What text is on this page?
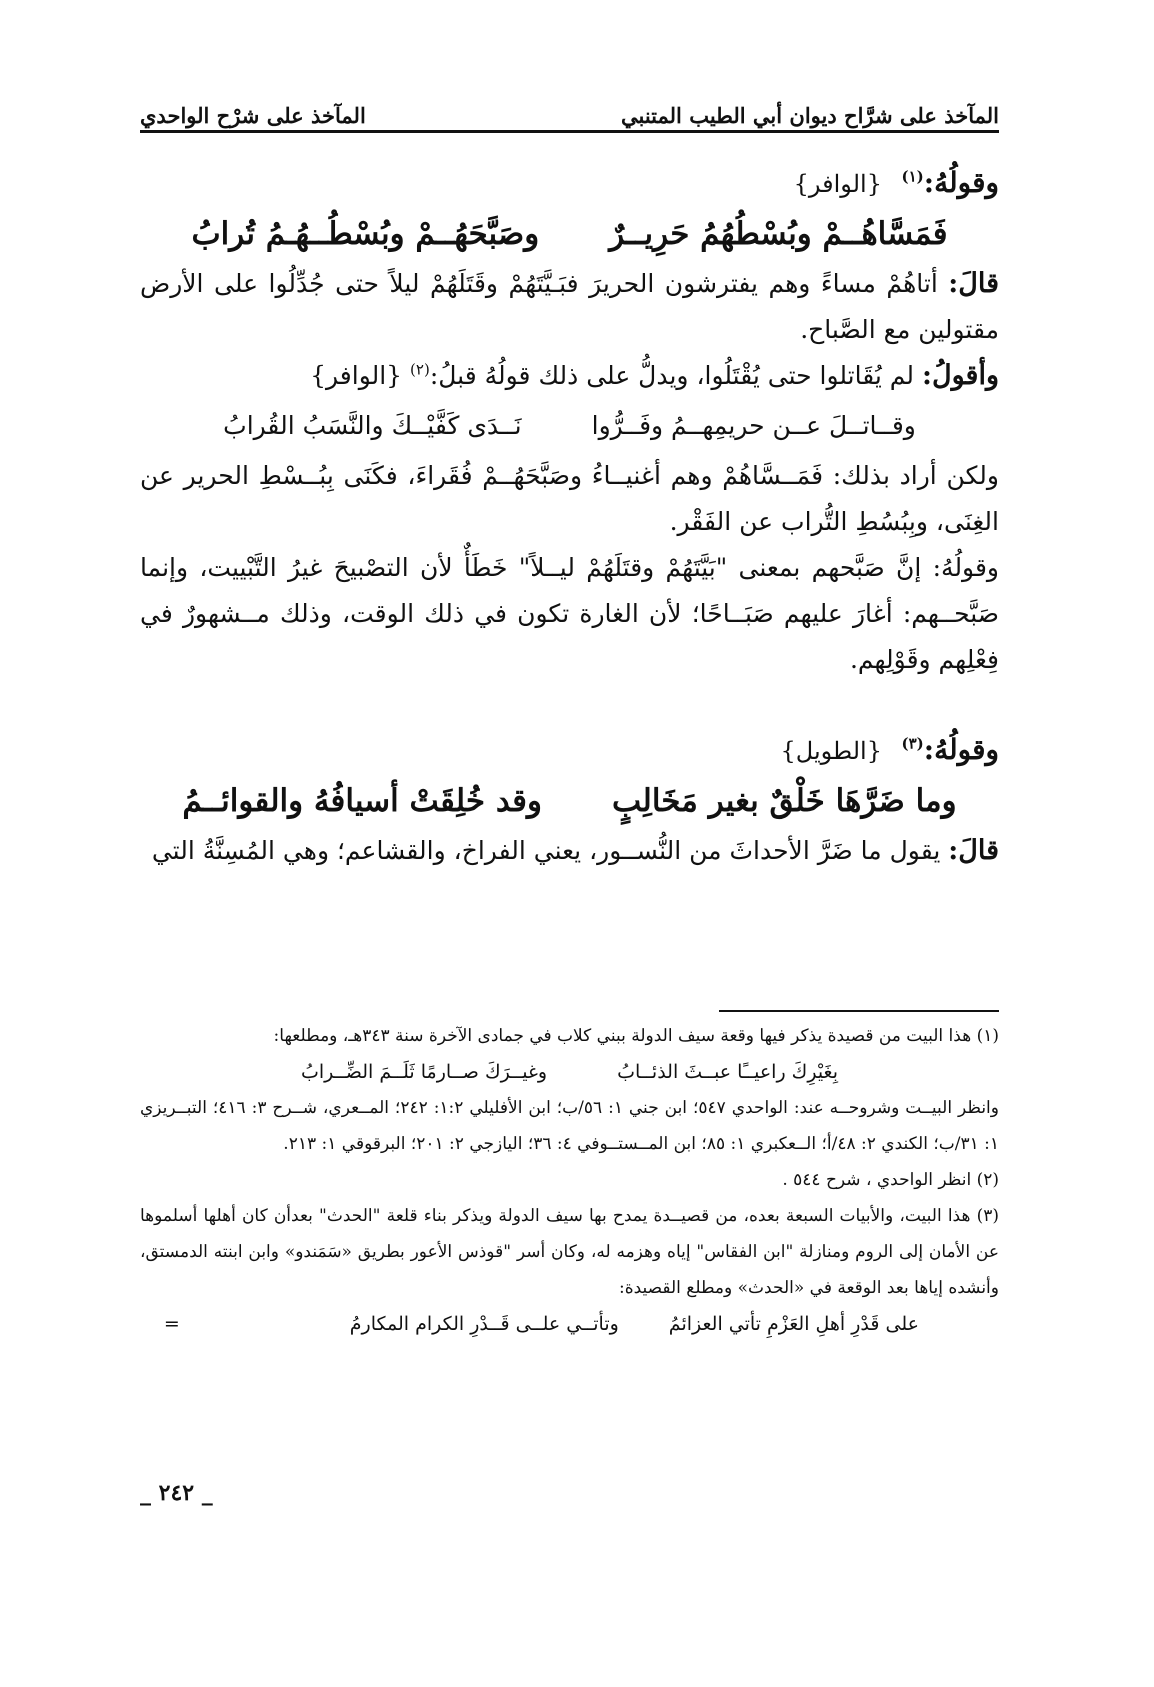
المآخذ على شرَّاح ديوان أبي الطيب المتنبي
المآخذ على شرْح الواحدي

وقولُهُ:$^{(١)}$  {الوافر}

فَمَسَّاهُــمْ وبُسْطُهُمُ حَرِيــرٌ
وصَبَّحَهُــمْ وبُسْطُــهُـمُ تُرابُ

قالَ: أتاهُمْ مساءً وهم يفترشون الحريرَ فبَـيَّتَهُمْ وقَتَلَهُمْ ليلاً حتى جُدِّلُوا على الأرض مقتولين مع الصَّباح.

وأقولُ: لم يُقَاتلوا حتى يُقْتَلُوا، ويدلُّ على ذلك قولُهُ قبلُ:$^{(٢)}$ {الوافر}

وقــاتــلَ عــن حريمِهــمُ وفَــرُّوا
نَــدَى كَفَّيْــكَ والنَّسَبُ القُرابُ

ولكن أراد بذلك: فَمَــسَّاهُمْ وهم أغنيــاءُ وصَبَّحَهُــمْ فُقَراءَ، فكَنَى بِبُــسْطِ الحرير عن الغِنَى، وبِبُسُطِ التُّراب عن الفَقْر.

وقولُهُ: إنَّ صَبَّحهم بمعنى "بَيَّتَهُمْ وقتَلَهُمْ ليــلاً" خَطَأٌ لأن التصْبيحَ غيرُ التَّبْييت، وإنما صَبَّحــهم: أغارَ عليهم صَبَــاحًا؛ لأن الغارة تكون في ذلك الوقت، وذلك مــشهورٌ في فِعْلِهم وقَوْلِهم.

وقولُهُ:$^{(٣)}$  {الطويل}

وما ضَرَّهَا خَلْقٌ بغير مَخَالِبٍ
وقد خُلِقَتْ أسيافُهُ والقوائــمُ

قالَ: يقول ما ضَرَّ الأحداثَ من النُّســور، يعني الفراخ، والقشاعم؛ وهي المُسِنَّةُ التي

(١) هذا البيت من قصيدة يذكر فيها وقعة سيف الدولة ببني كلاب في جمادى الآخرة سنة ٣٤٣هـ، ومطلعها:

بِغَيْرِكَ راعيــًا عبــثَ الذئــابُ
وغيــرَكَ صــارمًا ثَلَــمَ الضِّــرابُ

وانظر البيــت وشروحــه عند: الواحدي ٥٤٧؛ ابن جني ١: ٥٦/ب؛ ابن الأفليلي ١:٢: ٢٤٢؛ المــعري، شــرح ٣: ٤١٦؛ التبــريزي ١: ٣١/ب؛ الكندي ٢: ٤٨/أ؛ الــعكبري ١: ٨٥؛ ابن المــستــوفي ٤: ٣٦؛ اليازجي ٢: ٢٠١؛ البرقوقي ١: ٢١٣.

(٢) انظر الواحدي ، شرح ٥٤٤ .

(٣) هذا البيت، والأبيات السبعة بعده، من قصيــدة يمدح بها سيف الدولة ويذكر بناء قلعة "الحدث" بعدأن كان أهلها أسلموها عن الأمان إلى الروم ومنازلة "ابن الفقاس" إياه وهزمه له، وكان أسر "قوذس الأعور بطريق «سَمَندو» وابن ابنته الدمستق، وأنشده إياها بعد الوقعة في «الحدث» ومطلع القصيدة:

على قَدْرِ أهلِ العَزْمِ تأتي العزائمُ
وتأتــي علــى قَــدْرِ الكرام المكارمُ
=
_ ٢٤٢ _
